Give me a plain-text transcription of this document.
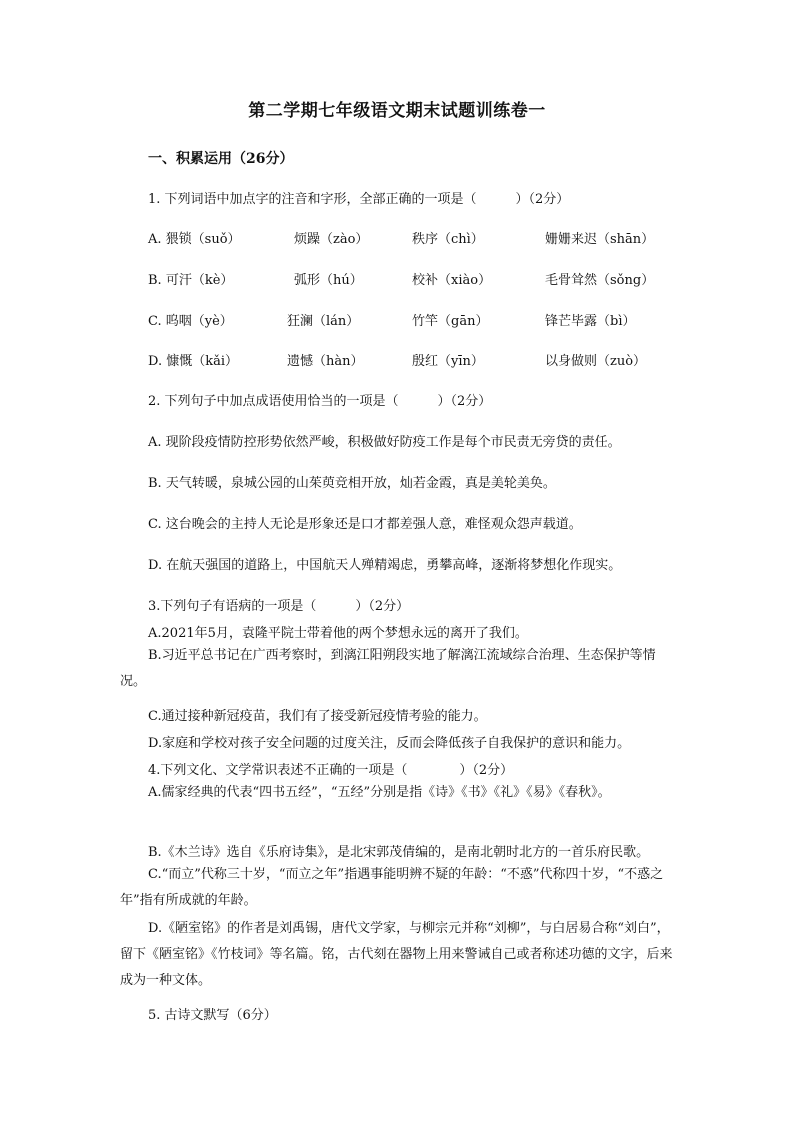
第二学期七年级语文期末试题训练卷一
一、积累运用（26分）
1. 下列词语中加点字的注音和字形，全部正确的一项是（　　　）（2分）
A. 猥锁（suǒ）	烦躁（zào）	秩序（chì）	姗姗来迟（shān）
B. 可汗（kè）	弧形（hú）	校补（xiào）	毛骨耸然（sǒng）
C. 呜咽（yè）	狂澜（lán）	竹竿（gān）	锋芒毕露（bì）
D. 慷慨（kǎi）	遗憾（hàn）	殷红（yīn）	以身做则（zuò）
2. 下列句子中加点成语使用恰当的一项是（　　　）（2分）
A. 现阶段疫情防控形势依然严峻，积极做好防疫工作是每个市民责无旁贷的责任。
B. 天气转暖，泉城公园的山茱萸竞相开放，灿若金霞，真是美轮美奂。
C. 这台晚会的主持人无论是形象还是口才都差强人意，难怪观众怨声载道。
D. 在航天强国的道路上，中国航天人殚精竭虑，勇攀高峰，逐渐将梦想化作现实。
3.下列句子有语病的一项是（　　　）（2分）
A.2021年5月，袁隆平院士带着他的两个梦想永远的离开了我们。
B.习近平总书记在广西考察时，到漓江阳朔段实地了解漓江流域综合治理、生态保护等情况。
C.通过接种新冠疫苗，我们有了接受新冠疫情考验的能力。
D.家庭和学校对孩子安全问题的过度关注，反而会降低孩子自我保护的意识和能力。
4.下列文化、文学常识表述不正确的一项是（　　　　）（2分）
A.儒家经典的代表“四书五经”，“五经”分别是指《诗》《书》《礼》《易》《春秋》。
B.《木兰诗》选自《乐府诗集》，是北宋郭茂倩编的，是南北朝时北方的一首乐府民歌。
C.“而立”代称三十岁，“而立之年”指遇事能明辨不疑的年龄：“不惑”代称四十岁，“不惑之年”指有所成就的年龄。
D.《陋室铭》的作者是刘禹锡，唐代文学家，与柳宗元并称“刘柳”，与白居易合称“刘白”，留下《陋室铭》《竹枝词》等名篇。铭，古代刻在器物上用来警诫自己或者称述功德的文字，后来成为一种文体。
5. 古诗文默写（6分）
